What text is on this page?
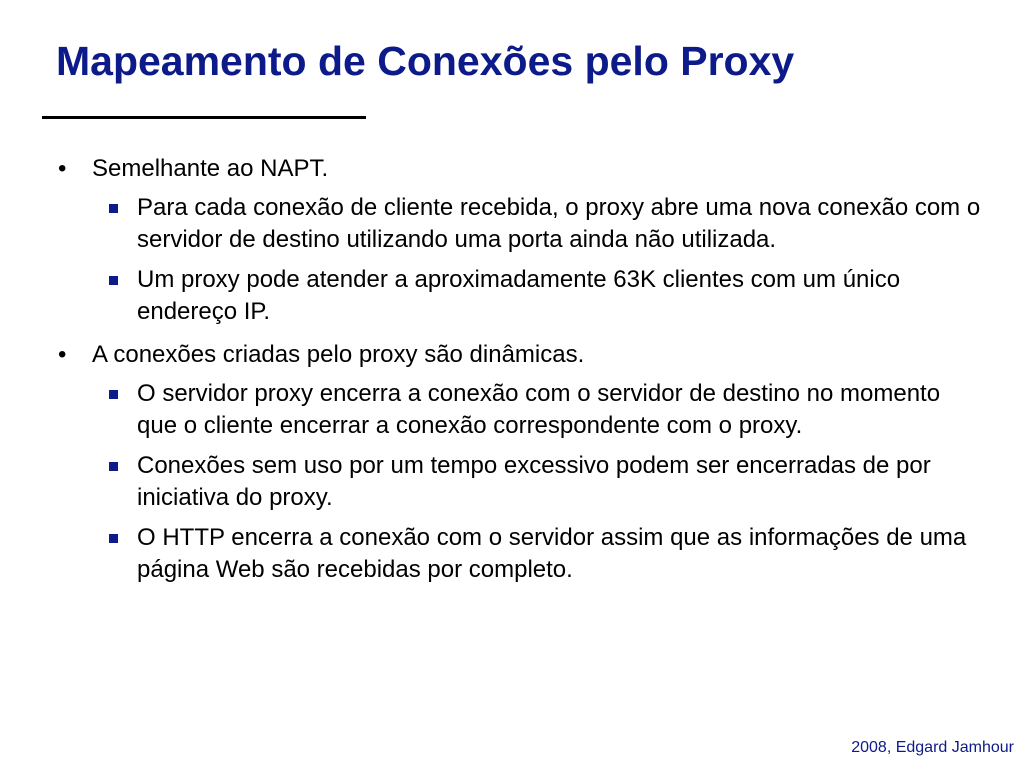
Mapeamento de Conexões pelo Proxy
•	Semelhante ao NAPT.
Para cada conexão de cliente recebida, o proxy abre uma nova conexão com o servidor de destino utilizando uma porta ainda não utilizada.
Um proxy pode atender a aproximadamente 63K clientes com um único endereço IP.
•	A conexões criadas pelo proxy são dinâmicas.
O servidor proxy encerra a conexão com o servidor de destino no momento que o cliente encerrar a conexão correspondente com o proxy.
Conexões sem uso por um tempo excessivo podem ser encerradas de por iniciativa do proxy.
O HTTP encerra a conexão com o servidor assim que as informações de uma página Web são recebidas por completo.
2008, Edgard Jamhour
